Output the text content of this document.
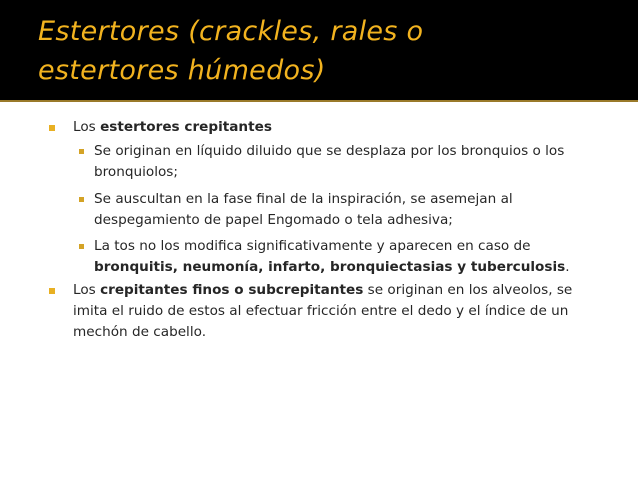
Estertores (crackles, rales o
estertores húmedos)
Los estertores crepitantes
Se originan en líquido diluido que se desplaza por los bronquios o los bronquiolos;
Se auscultan en la fase final de la inspiración, se asemejan al despegamiento de papel Engomado o tela adhesiva;
La tos no los modifica significativamente y aparecen en caso de bronquitis, neumonía, infarto, bronquiectasias y tuberculosis.
Los crepitantes finos o subcrepitantes se originan en los alveolos, se imita el ruido de estos al efectuar fricción entre el dedo y el índice de un mechón de cabello.
